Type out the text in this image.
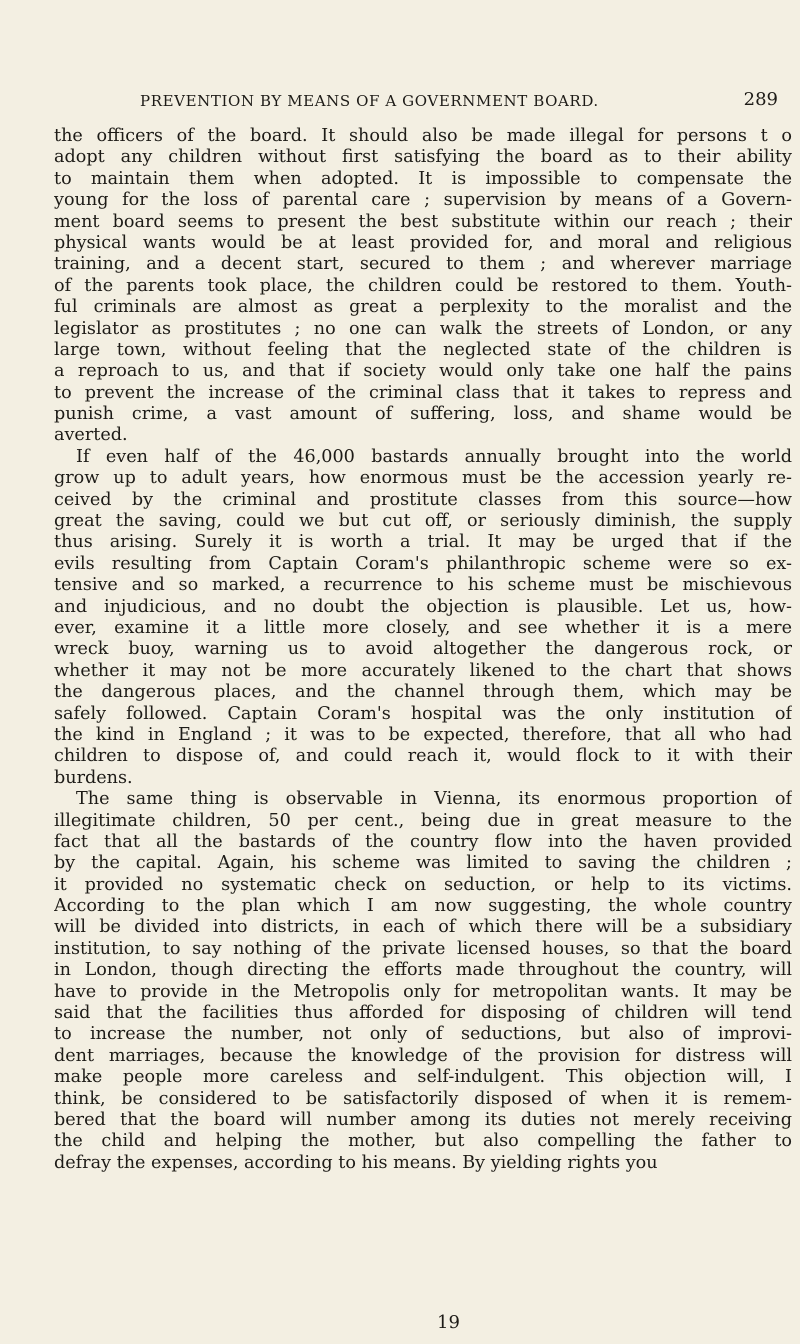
PREVENTION BY MEANS OF A GOVERNMENT BOARD.	289
the officers of the board. It should also be made illegal for persons t o
adopt any children without first satisfying the board as to their ability
to maintain them when adopted. It is impossible to compensate the
young for the loss of parental care ; supervision by means of a Govern-
ment board seems to present the best substitute within our reach ; their
physical wants would be at least provided for, and moral and religious
training, and a decent start, secured to them ; and wherever marriage
of the parents took place, the children could be restored to them. Youth-
ful criminals are almost as great a perplexity to the moralist and the
legislator as prostitutes ; no one can walk the streets of London, or any
large town, without feeling that the neglected state of the children is
a reproach to us, and that if society would only take one half the pains
to prevent the increase of the criminal class that it takes to repress and
punish crime, a vast amount of suffering, loss, and shame would be
averted.
If even half of the 46,000 bastards annually brought into the world
grow up to adult years, how enormous must be the accession yearly re-
ceived by the criminal and prostitute classes from this source—how
great the saving, could we but cut off, or seriously diminish, the supply
thus arising. Surely it is worth a trial. It may be urged that if the
evils resulting from Captain Coram's philanthropic scheme were so ex-
tensive and so marked, a recurrence to his scheme must be mischievous
and injudicious, and no doubt the objection is plausible. Let us, how-
ever, examine it a little more closely, and see whether it is a mere
wreck buoy, warning us to avoid altogether the dangerous rock, or
whether it may not be more accurately likened to the chart that shows
the dangerous places, and the channel through them, which may be
safely followed. Captain Coram's hospital was the only institution of
the kind in England ; it was to be expected, therefore, that all who had
children to dispose of, and could reach it, would flock to it with their
burdens.
The same thing is observable in Vienna, its enormous proportion of
illegitimate children, 50 per cent., being due in great measure to the
fact that all the bastards of the country flow into the haven provided
by the capital. Again, his scheme was limited to saving the children ;
it provided no systematic check on seduction, or help to its victims.
According to the plan which I am now suggesting, the whole country
will be divided into districts, in each of which there will be a subsidiary
institution, to say nothing of the private licensed houses, so that the board
in London, though directing the efforts made throughout the country, will
have to provide in the Metropolis only for metropolitan wants. It may be
said that the facilities thus afforded for disposing of children will tend
to increase the number, not only of seductions, but also of improvi-
dent marriages, because the knowledge of the provision for distress will
make people more careless and self-indulgent. This objection will, I
think, be considered to be satisfactorily disposed of when it is remem-
bered that the board will number among its duties not merely receiving
the child and helping the mother, but also compelling the father to
defray the expenses, according to his means. By yielding rights you
19
